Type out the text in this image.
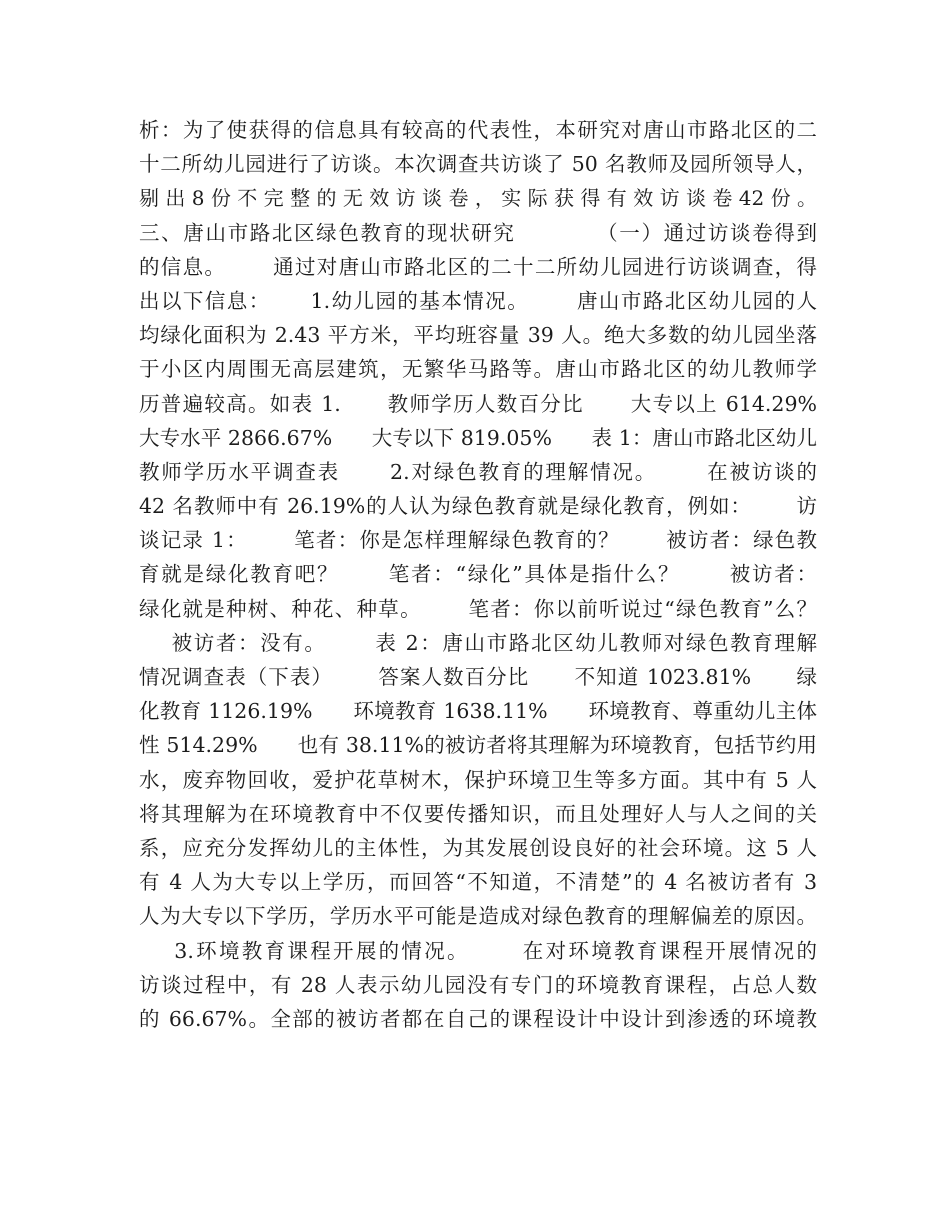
析：为了使获得的信息具有较高的代表性，本研究对唐山市路北区的二
十二所幼儿园进行了访谈。本次调查共访谈了 50 名教师及园所领导人，
剔 出 8 份 不 完 整 的 无 效 访 谈 卷 ， 实 际 获 得 有 效 访 谈 卷 42 份 。
三、唐山市路北区绿色教育的现状研究          （一）通过访谈卷得到
的信息。      通过对唐山市路北区的二十二所幼儿园进行访谈调查，得
出以下信息：     1.幼儿园的基本情况。      唐山市路北区幼儿园的人
均绿化面积为 2.43 平方米，平均班容量 39 人。绝大多数的幼儿园坐落
于小区内周围无高层建筑，无繁华马路等。唐山市路北区的幼儿教师学
历普遍较高。如表 1.      教师学历人数百分比      大专以上 614.29%
大专水平 2866.67%      大专以下 819.05%      表 1：唐山市路北区幼儿
教师学历水平调查表      2.对绿色教育的理解情况。      在被访谈的
42 名教师中有 26.19%的人认为绿色教育就是绿化教育，例如：      访
谈记录 1：      笔者：你是怎样理解绿色教育的？      被访者：绿色教
育就是绿化教育吧？      笔者：“绿化”具体是指什么？      被访者：
绿化就是种树、种花、种草。      笔者：你以前听说过“绿色教育”么？
被访者：没有。      表 2：唐山市路北区幼儿教师对绿色教育理解
情况调查表（下表）      答案人数百分比      不知道 1023.81%      绿
化教育 1126.19%      环境教育 1638.11%      环境教育、尊重幼儿主体
性 514.29%      也有 38.11%的被访者将其理解为环境教育，包括节约用
水，废弃物回收，爱护花草树木，保护环境卫生等多方面。其中有 5 人
将其理解为在环境教育中不仅要传播知识，而且处理好人与人之间的关
系，应充分发挥幼儿的主体性，为其发展创设良好的社会环境。这 5 人
有 4 人为大专以上学历，而回答“不知道，不清楚”的 4 名被访者有 3
人为大专以下学历，学历水平可能是造成对绿色教育的理解偏差的原因。
3.环境教育课程开展的情况。      在对环境教育课程开展情况的
访谈过程中，有 28 人表示幼儿园没有专门的环境教育课程，占总人数
的 66.67%。全部的被访者都在自己的课程设计中设计到渗透的环境教
